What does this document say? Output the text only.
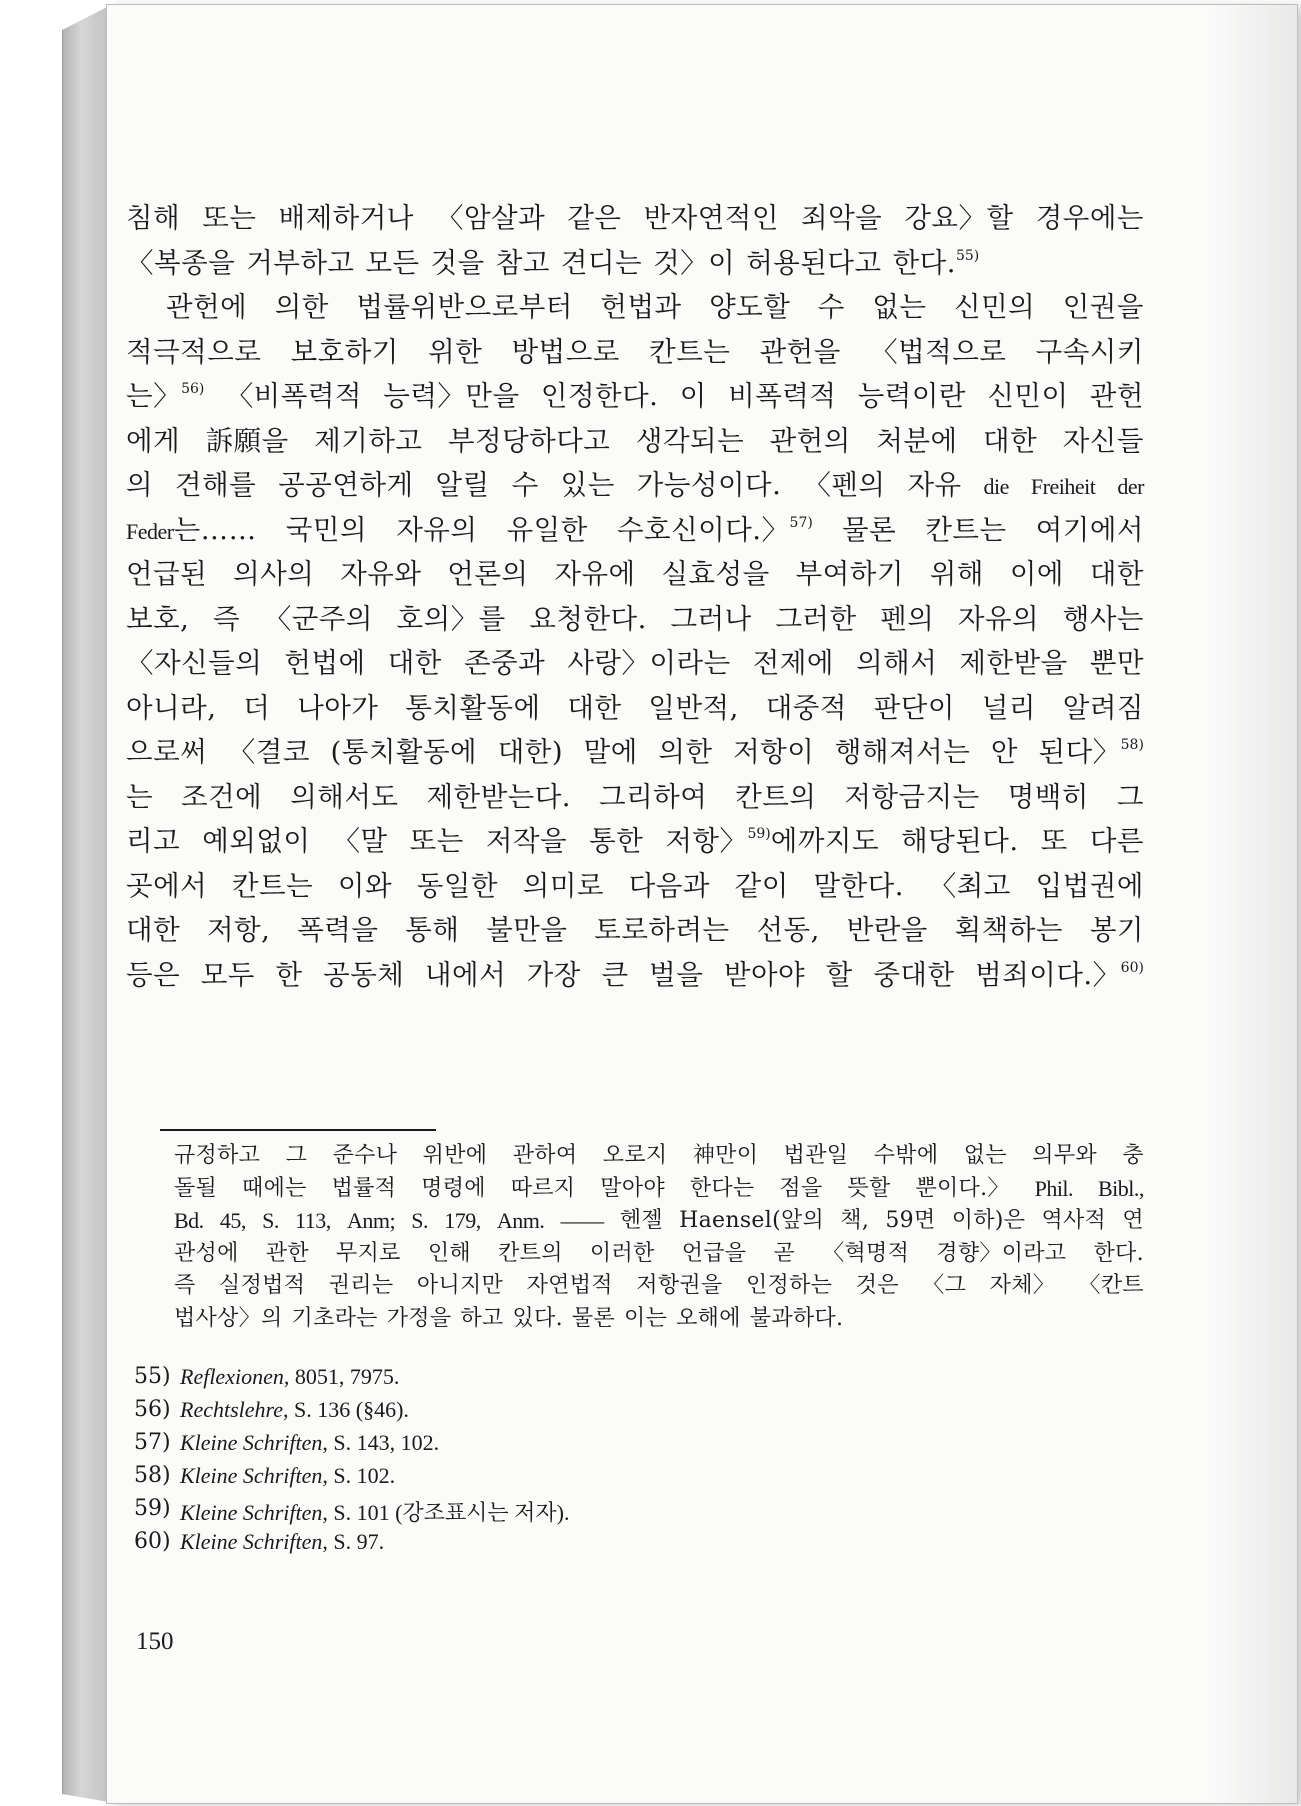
침해 또는 배제하거나 〈암살과 같은 반자연적인 죄악을 강요〉할 경우에는
〈복종을 거부하고 모든 것을 참고 견디는 것〉이 허용된다고 한다.$^{55)}$
관헌에 의한 법률위반으로부터 헌법과 양도할 수 없는 신민의 인권을
적극적으로 보호하기 위한 방법으로 칸트는 관헌을 〈법적으로 구속시키
는〉$^{56)}$ 〈비폭력적 능력〉만을 인정한다. 이 비폭력적 능력이란 신민이 관헌
에게 訴願을 제기하고 부정당하다고 생각되는 관헌의 처분에 대한 자신들
의 견해를 공공연하게 알릴 수 있는 가능성이다. 〈펜의 자유 die Freiheit der
Feder는…… 국민의 자유의 유일한 수호신이다.〉$^{57)}$ 물론 칸트는 여기에서
언급된 의사의 자유와 언론의 자유에 실효성을 부여하기 위해 이에 대한
보호, 즉 〈군주의 호의〉를 요청한다. 그러나 그러한 펜의 자유의 행사는
〈자신들의 헌법에 대한 존중과 사랑〉이라는 전제에 의해서 제한받을 뿐만
아니라, 더 나아가 통치활동에 대한 일반적, 대중적 판단이 널리 알려짐
으로써 〈결코 (통치활동에 대한) 말에 의한 저항이 행해져서는 안 된다〉$^{58)}$
는 조건에 의해서도 제한받는다. 그리하여 칸트의 저항금지는 명백히 그
리고 예외없이 〈말 또는 저작을 통한 저항〉$^{59)}$에까지도 해당된다. 또 다른
곳에서 칸트는 이와 동일한 의미로 다음과 같이 말한다. 〈최고 입법권에
대한 저항, 폭력을 통해 불만을 토로하려는 선동, 반란을 획책하는 봉기
등은 모두 한 공동체 내에서 가장 큰 벌을 받아야 할 중대한 범죄이다.〉$^{60)}$
규정하고 그 준수나 위반에 관하여 오로지 神만이 법관일 수밖에 없는 의무와 충
돌될 때에는 법률적 명령에 따르지 말아야 한다는 점을 뜻할 뿐이다.〉 Phil. Bibl.,
Bd. 45, S. 113, Anm; S. 179, Anm. —— 헨젤 Haensel(앞의 책, 59면 이하)은 역사적 연
관성에 관한 무지로 인해 칸트의 이러한 언급을 곧 〈혁명적 경향〉이라고 한다.
즉 실정법적 권리는 아니지만 자연법적 저항권을 인정하는 것은 〈그 자체〉 〈칸트
법사상〉의 기초라는 가정을 하고 있다. 물론 이는 오해에 불과하다.
55) Reflexionen, 8051, 7975.
56) Rechtslehre, S. 136 (§46).
57) Kleine Schriften, S. 143, 102.
58) Kleine Schriften, S. 102.
59) Kleine Schriften, S. 101 (강조표시는 저자).
60) Kleine Schriften, S. 97.
150
